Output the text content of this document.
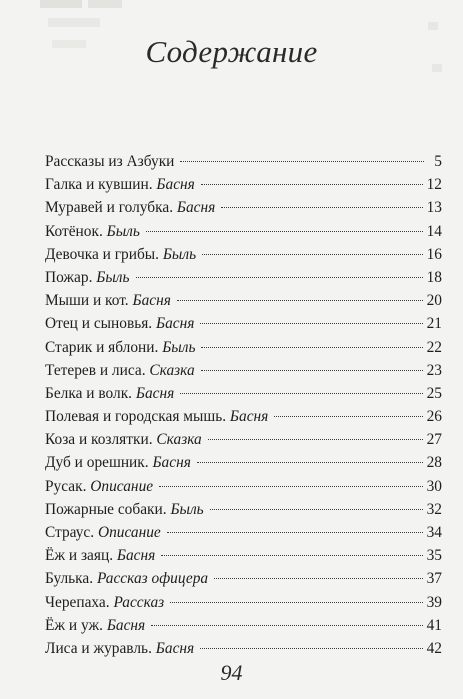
Содержание
Рассказы из Азбуки	5
Галка и кувшин. Басня	12
Муравей и голубка. Басня	13
Котёнок. Быль	14
Девочка и грибы. Быль	16
Пожар. Быль	18
Мыши и кот. Басня	20
Отец и сыновья. Басня	21
Старик и яблони. Быль	22
Тетерев и лиса. Сказка	23
Белка и волк. Басня	25
Полевая и городская мышь. Басня	26
Коза и козлятки. Сказка	27
Дуб и орешник. Басня	28
Русак. Описание	30
Пожарные собаки. Быль	32
Страус. Описание	34
Ёж и заяц. Басня	35
Булька. Рассказ офицера	37
Черепаха. Рассказ	39
Ёж и уж. Басня	41
Лиса и журавль. Басня	42
94
